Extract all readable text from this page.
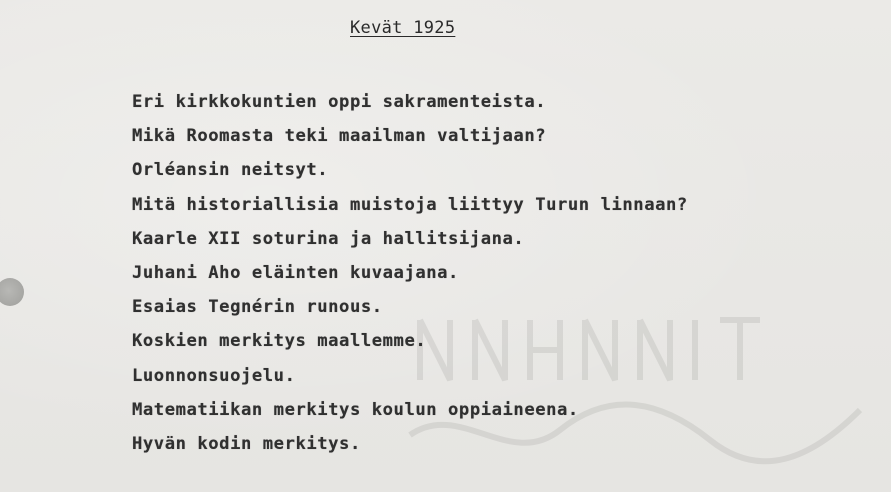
Kevät 1925
Eri kirkkokuntien oppi sakramenteista.
Mikä Roomasta teki maailman valtijaan?
Orléansin neitsyt.
Mitä historiallisia muistoja liittyy Turun linnaan?
Kaarle XII soturina ja hallitsijana.
Juhani Aho eläinten kuvaajana.
Esaias Tegnérin runous.
Koskien merkitys maallemme.
Luonnonsuojelu.
Matematiikan merkitys koulun oppiaineena.
Hyvän kodin merkitys.
